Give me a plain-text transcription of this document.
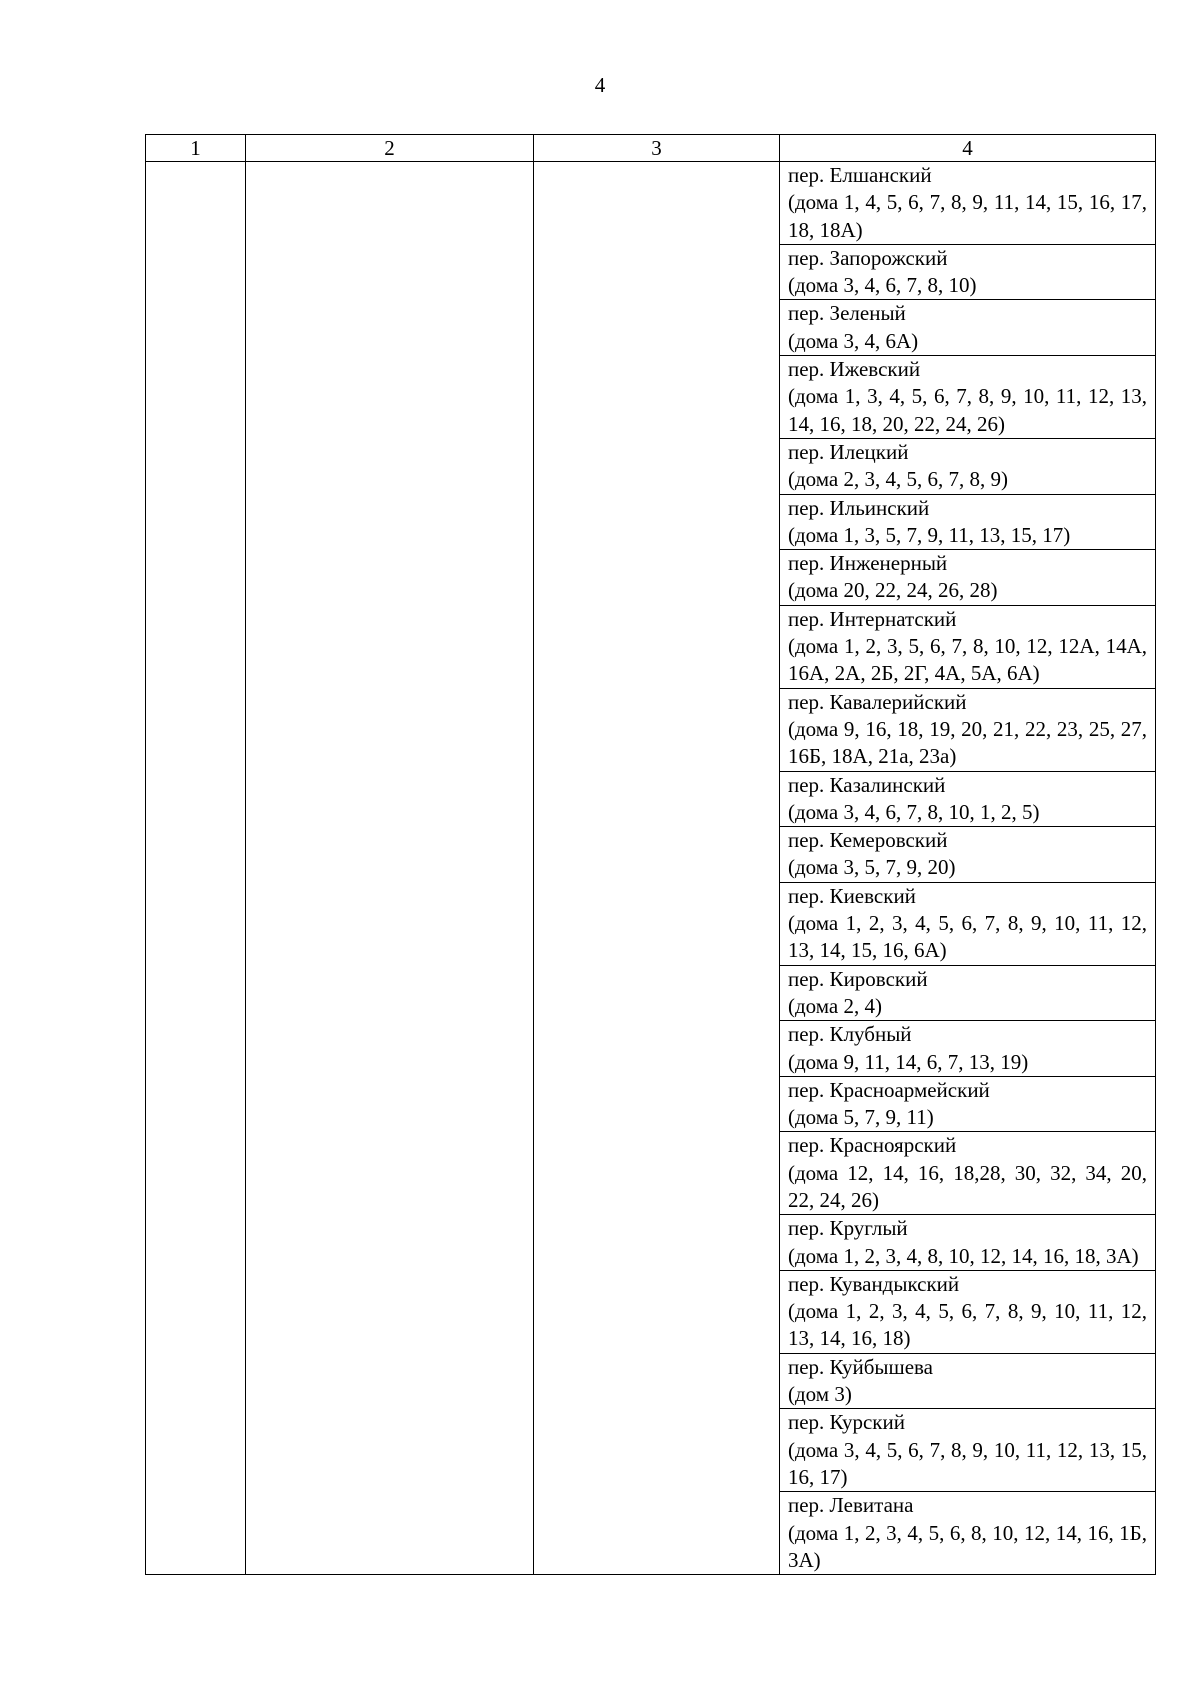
4
1	2	3	4

			пер. Елшанский
(дома 1, 4, 5, 6, 7, 8, 9, 11, 14, 15, 16, 17, 18, 18А)

			пер. Запорожский
(дома 3, 4, 6, 7, 8, 10)

			пер. Зеленый
(дома 3, 4, 6А)

			пер. Ижевский
(дома 1, 3, 4, 5, 6, 7, 8, 9, 10, 11, 12, 13, 14, 16, 18, 20, 22, 24, 26)

			пер. Илецкий
(дома 2, 3, 4, 5, 6, 7, 8, 9)

			пер. Ильинский
(дома 1, 3, 5, 7, 9, 11, 13, 15, 17)

			пер. Инженерный
(дома 20, 22, 24, 26, 28)

			пер. Интернатский
(дома 1, 2, 3, 5, 6, 7, 8, 10, 12, 12А, 14А, 16А, 2А, 2Б, 2Г, 4А, 5А, 6А)

			пер. Кавалерийский
(дома 9, 16, 18, 19, 20, 21, 22, 23, 25, 27, 16Б, 18А, 21а, 23а)

			пер. Казалинский
(дома 3, 4, 6, 7, 8, 10, 1, 2, 5)

			пер. Кемеровский
(дома 3, 5, 7, 9, 20)

			пер. Киевский
(дома 1, 2, 3, 4, 5, 6, 7, 8, 9, 10, 11, 12, 13, 14, 15, 16, 6А)

			пер. Кировский
(дома 2, 4)

			пер. Клубный
(дома 9, 11, 14, 6, 7, 13, 19)

			пер. Красноармейский
(дома 5, 7, 9, 11)

			пер. Красноярский
(дома 12, 14, 16, 18,28, 30, 32, 34, 20, 22, 24, 26)

			пер. Круглый
(дома 1, 2, 3, 4, 8, 10, 12, 14, 16, 18, 3А)

			пер. Кувандыкский
(дома 1, 2, 3, 4, 5, 6, 7, 8, 9, 10, 11, 12, 13, 14, 16, 18)

			пер. Куйбышева
(дом 3)

			пер. Курский
(дома 3, 4, 5, 6, 7, 8, 9, 10, 11, 12, 13, 15, 16, 17)

			пер. Левитана
(дома 1, 2, 3, 4, 5, 6, 8, 10, 12, 14, 16, 1Б, 3А)
